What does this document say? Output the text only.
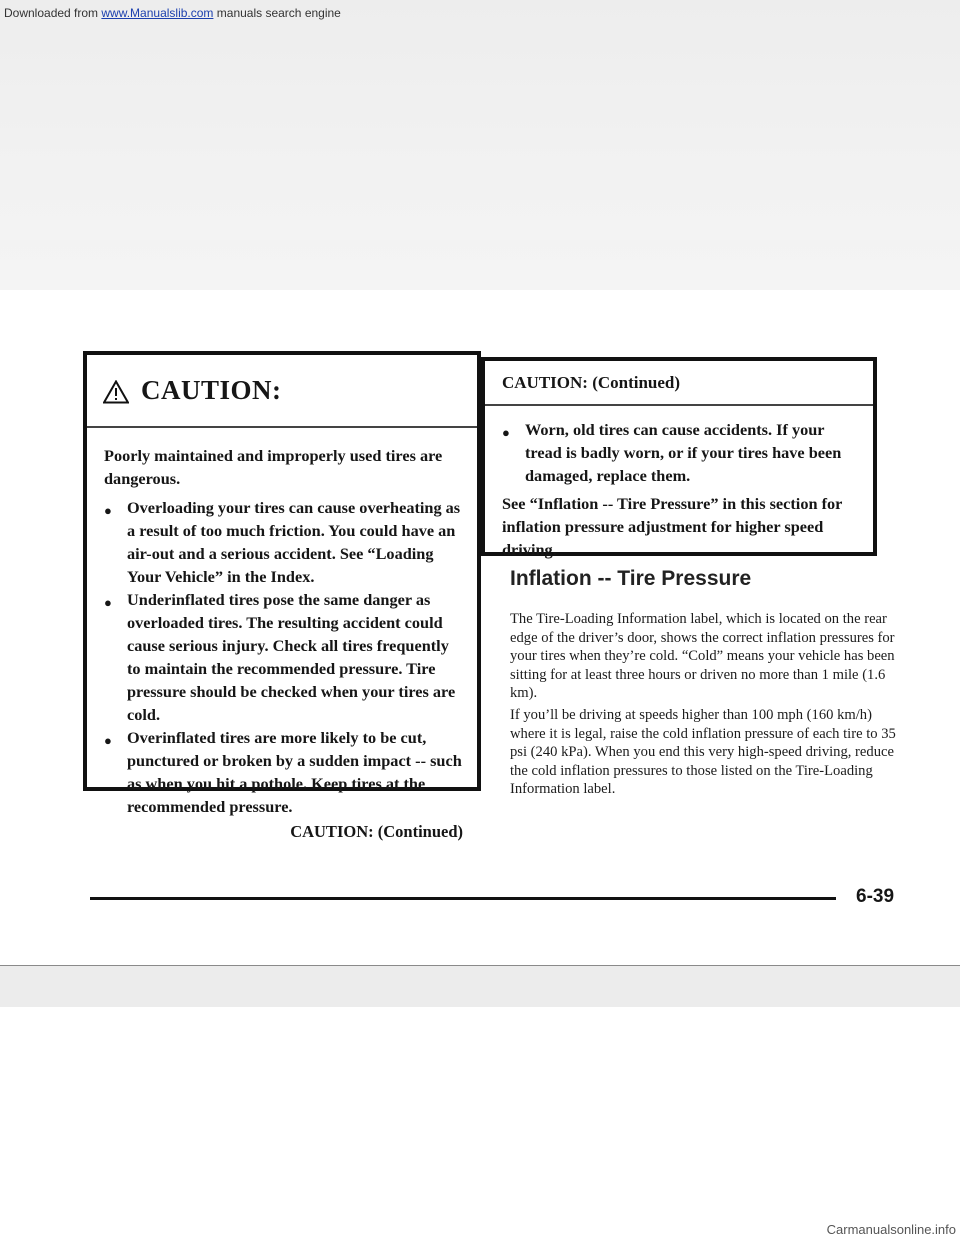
Downloaded from www.Manualslib.com manuals search engine
CAUTION:

Poorly maintained and improperly used tires are dangerous.

● Overloading your tires can cause overheating as a result of too much friction. You could have an air-out and a serious accident. See “Loading Your Vehicle” in the Index.

● Underinflated tires pose the same danger as overloaded tires. The resulting accident could cause serious injury. Check all tires frequently to maintain the recommended pressure. Tire pressure should be checked when your tires are cold.

● Overinflated tires are more likely to be cut, punctured or broken by a sudden impact -- such as when you hit a pothole. Keep tires at the recommended pressure.

CAUTION: (Continued)
CAUTION: (Continued)

● Worn, old tires can cause accidents. If your tread is badly worn, or if your tires have been damaged, replace them.

See “Inflation -- Tire Pressure” in this section for inflation pressure adjustment for higher speed driving.

Inflation -- Tire Pressure

The Tire-Loading Information label, which is located on the rear edge of the driver’s door, shows the correct inflation pressures for your tires when they’re cold. “Cold” means your vehicle has been sitting for at least three hours or driven no more than 1 mile (1.6 km).

If you’ll be driving at speeds higher than 100 mph (160 km/h) where it is legal, raise the cold inflation pressure of each tire to 35 psi (240 kPa). When you end this very high-speed driving, reduce the cold inflation pressures to those listed on the Tire-Loading Information label.

6-39
Carmanualsonline.info
